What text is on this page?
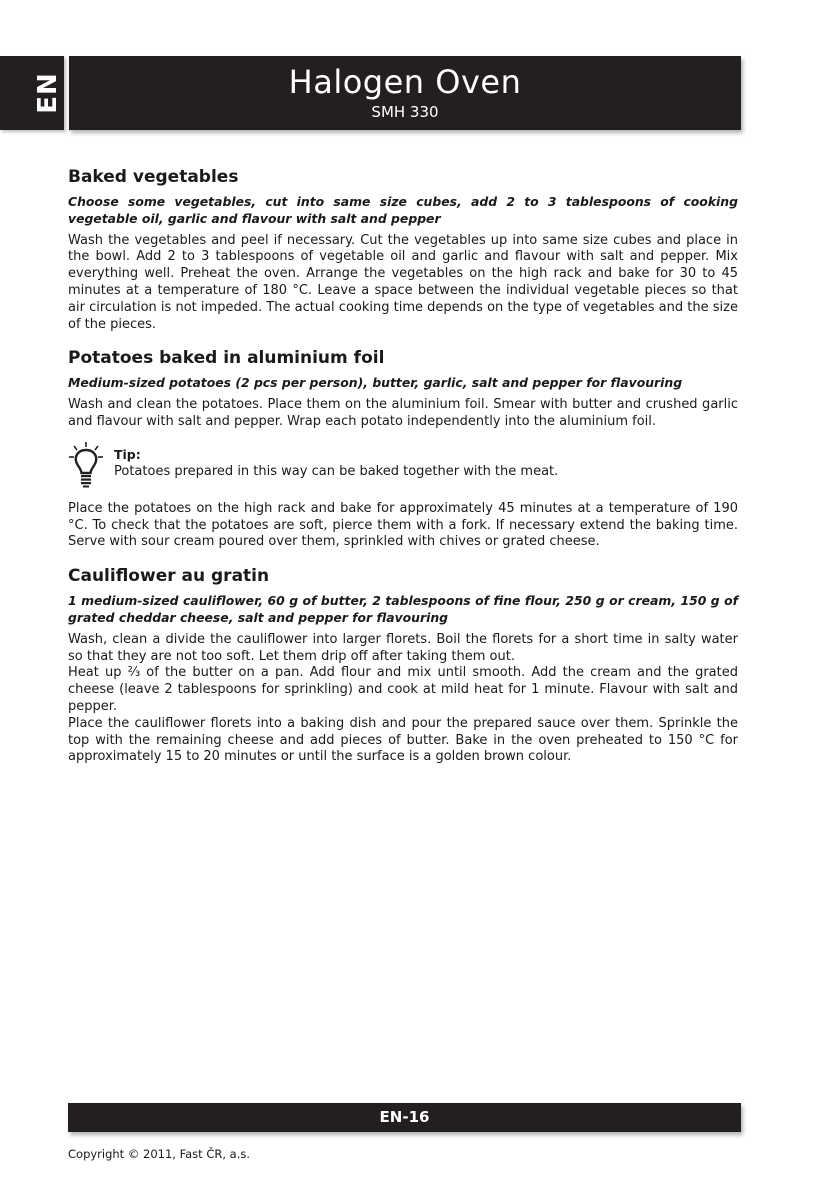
EN	Halogen Oven
SMH 330
Baked vegetables
Choose some vegetables, cut into same size cubes, add 2 to 3 tablespoons of cooking vegetable oil, garlic and flavour with salt and pepper

Wash the vegetables and peel if necessary. Cut the vegetables up into same size cubes and place in the bowl. Add 2 to 3 tablespoons of vegetable oil and garlic and flavour with salt and pepper. Mix everything well. Preheat the oven. Arrange the vegetables on the high rack and bake for 30 to 45 minutes at a temperature of 180 °C. Leave a space between the individual vegetable pieces so that air circulation is not impeded. The actual cooking time depends on the type of vegetables and the size of the pieces.

Potatoes baked in aluminium foil
Medium-sized potatoes (2 pcs per person), butter, garlic, salt and pepper for flavouring

Wash and clean the potatoes. Place them on the aluminium foil. Smear with butter and crushed garlic and flavour with salt and pepper. Wrap each potato independently into the aluminium foil.

Tip:
Potatoes prepared in this way can be baked together with the meat.

Place the potatoes on the high rack and bake for approximately 45 minutes at a temperature of 190 °C. To check that the potatoes are soft, pierce them with a fork. If necessary extend the baking time. Serve with sour cream poured over them, sprinkled with chives or grated cheese.

Cauliflower au gratin
1 medium-sized cauliflower, 60 g of butter, 2 tablespoons of fine flour, 250 g or cream, 150 g of grated cheddar cheese, salt and pepper for flavouring

Wash, clean a divide the cauliflower into larger florets. Boil the florets for a short time in salty water so that they are not too soft. Let them drip off after taking them out.

Heat up ⅔ of the butter on a pan. Add flour and mix until smooth. Add the cream and the grated cheese (leave 2 tablespoons for sprinkling) and cook at mild heat for 1 minute. Flavour with salt and pepper.

Place the cauliflower florets into a baking dish and pour the prepared sauce over them. Sprinkle the top with the remaining cheese and add pieces of butter. Bake in the oven preheated to 150 °C for approximately 15 to 20 minutes or until the surface is a golden brown colour.

EN-16
Copyright © 2011, Fast ČR, a.s.
